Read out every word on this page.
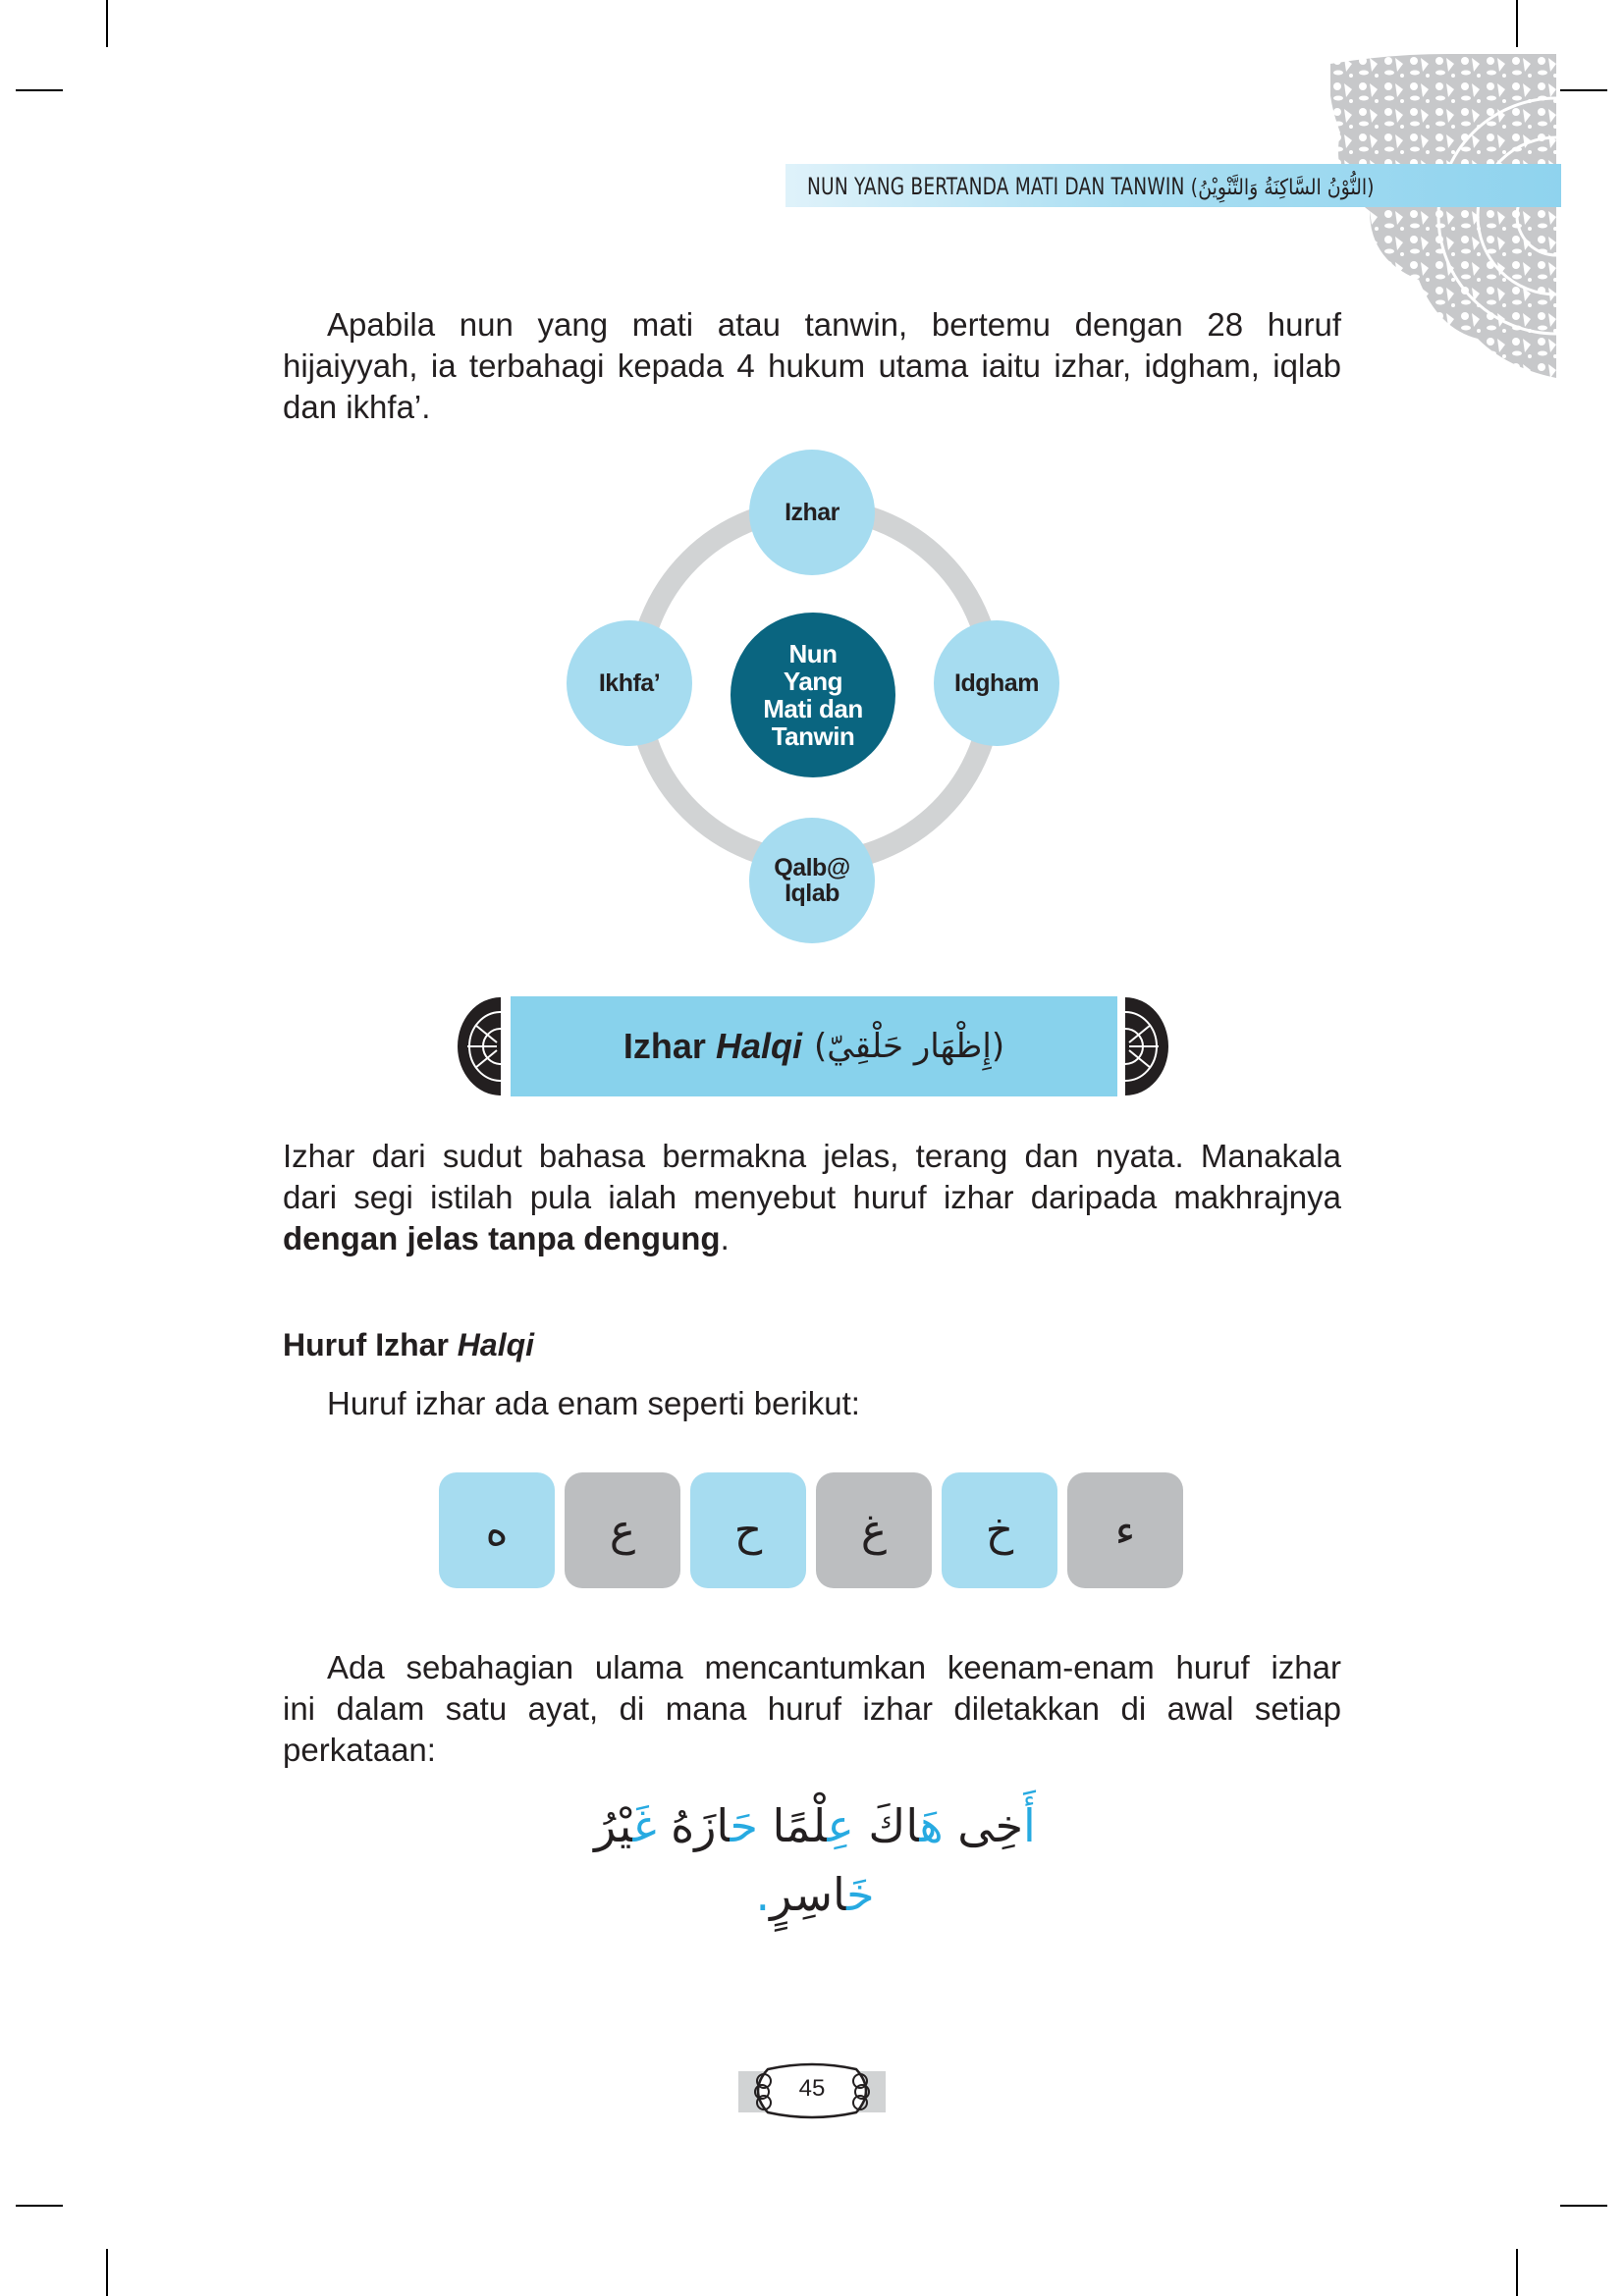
NUN YANG BERTANDA MATI DAN TANWIN (النُّوْنُ السَّاكِنَةُ وَالتَّنْوِيْنُ)
Apabila nun yang mati atau tanwin, bertemu dengan 28 huruf
hijaiyyah, ia terbahagi kepada 4 hukum utama iaitu izhar, idgham, iqlab
dan ikhfa’.
Izhar
Idgham
Qalb@
Iqlab
Ikhfa’
Nun
Yang
Mati dan
Tanwin
Izhar Halqi (إِظْهَار حَلْقِيّ)
Izhar dari sudut bahasa bermakna jelas, terang dan nyata. Manakala
dari segi istilah pula ialah menyebut huruf izhar daripada makhrajnya
dengan jelas tanpa dengung.
Huruf Izhar Halqi
Huruf izhar ada enam seperti berikut:
ه ع ح غ خ ء
Ada sebahagian ulama mencantumkan keenam-enam huruf izhar
ini dalam satu ayat, di mana huruf izhar diletakkan di awal setiap
perkataan:
أَخِى هَاكَ عِلْمًا حَازَهُ غَيْرُ خَاسِرٍ.
45
